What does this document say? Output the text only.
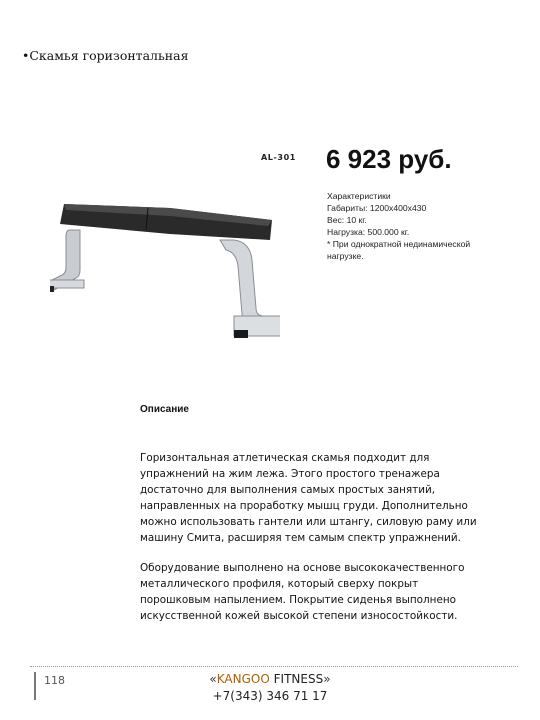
•Скамья горизонтальная
AL-301 6 923 руб.
Характеристики
Габариты: 1200х400х430
Вес: 10 кг.
Нагрузка: 500.000 кг.
* При однократной нединамической нагрузке.
Описание
Горизонтальная атлетическая скамья подходит для упражнений на жим лежа. Этого простого тренажера достаточно для выполнения самых простых занятий, направленных на проработку мышц груди. Дополнительно можно использовать гантели или штангу, силовую раму или машину Смита, расширяя тем самым спектр упражнений.
Оборудование выполнено на основе высококачественного металлического профиля, который сверху покрыт порошковым напылением. Покрытие сиденья выполнено искусственной кожей высокой степени износостойкости.
118	«KANGOO FITNESS»
+7(343) 346 71 17
